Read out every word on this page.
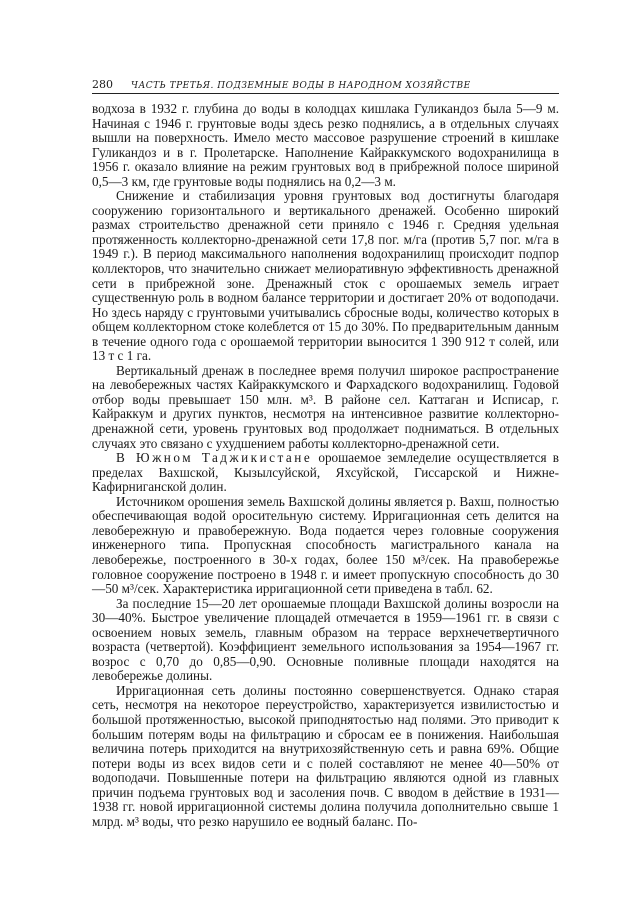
280 ЧАСТЬ ТРЕТЬЯ. ПОДЗЕМНЫЕ ВОДЫ В НАРОДНОМ ХОЗЯЙСТВЕ

водхоза в 1932 г. глубина до воды в колодцах кишлака Гуликандоз была 5—9 м. Начиная с 1946 г. грунтовые воды здесь резко поднялись, а в отдельных случаях вышли на поверхность. Имело место массовое разрушение строений в кишлаке Гуликандоз и в г. Пролетарске. Наполнение Кайраккумского водохранилища в 1956 г. оказало влияние на режим грунтовых вод в прибрежной полосе шириной 0,5—3 км, где грунтовые воды поднялись на 0,2—3 м.

Снижение и стабилизация уровня грунтовых вод достигнуты благодаря сооружению горизонтального и вертикального дренажей. Особенно широкий размах строительство дренажной сети приняло с 1946 г. Средняя удельная протяженность коллекторно-дренажной сети 17,8 пог. м/га (против 5,7 пог. м/га в 1949 г.). В период максимального наполнения водохранилищ происходит подпор коллекторов, что значительно снижает мелиоративную эффективность дренажной сети в прибрежной зоне. Дренажный сток с орошаемых земель играет существенную роль в водном балансе территории и достигает 20% от водоподачи. Но здесь наряду с грунтовыми учитывались сбросные воды, количество которых в общем коллекторном стоке колеблется от 15 до 30%. По предварительным данным в течение одного года с орошаемой территории выносится 1 390 912 т солей, или 13 т с 1 га.

Вертикальный дренаж в последнее время получил широкое распространение на левобережных частях Кайраккумского и Фархадского водохранилищ. Годовой отбор воды превышает 150 млн. м³. В районе сел. Каттаган и Исписар, г. Кайраккум и других пунктов, несмотря на интенсивное развитие коллекторно-дренажной сети, уровень грунтовых вод продолжает подниматься. В отдельных случаях это связано с ухудшением работы коллекторно-дренажной сети.

В Южном Таджикистане орошаемое земледелие осуществляется в пределах Вахшской, Кызылсуйской, Яхсуйской, Гиссарской и Нижне-Кафирниганской долин.

Источником орошения земель Вахшской долины является р. Вахш, полностью обеспечивающая водой оросительную систему. Ирригационная сеть делится на левобережную и правобережную. Вода подается через головные сооружения инженерного типа. Пропускная способность магистрального канала на левобережье, построенного в 30-х годах, более 150 м³/сек. На правобережье головное сооружение построено в 1948 г. и имеет пропускную способность до 30—50 м³/сек. Характеристика ирригационной сети приведена в табл. 62.

За последние 15—20 лет орошаемые площади Вахшской долины возросли на 30—40%. Быстрое увеличение площадей отмечается в 1959—1961 гг. в связи с освоением новых земель, главным образом на террасе верхнечетвертичного возраста (четвертой). Коэффициент земельного использования за 1954—1967 гг. возрос с 0,70 до 0,85—0,90. Основные поливные площади находятся на левобережье долины.

Ирригационная сеть долины постоянно совершенствуется. Однако старая сеть, несмотря на некоторое переустройство, характеризуется извилистостью и большой протяженностью, высокой приподнятостью над полями. Это приводит к большим потерям воды на фильтрацию и сбросам ее в понижения. Наибольшая величина потерь приходится на внутрихозяйственную сеть и равна 69%. Общие потери воды из всех видов сети и с полей составляют не менее 40—50% от водоподачи. Повышенные потери на фильтрацию являются одной из главных причин подъема грунтовых вод и засоления почв. С вводом в действие в 1931—1938 гг. новой ирригационной системы долина получила дополнительно свыше 1 млрд. м³ воды, что резко нарушило ее водный баланс. По-
